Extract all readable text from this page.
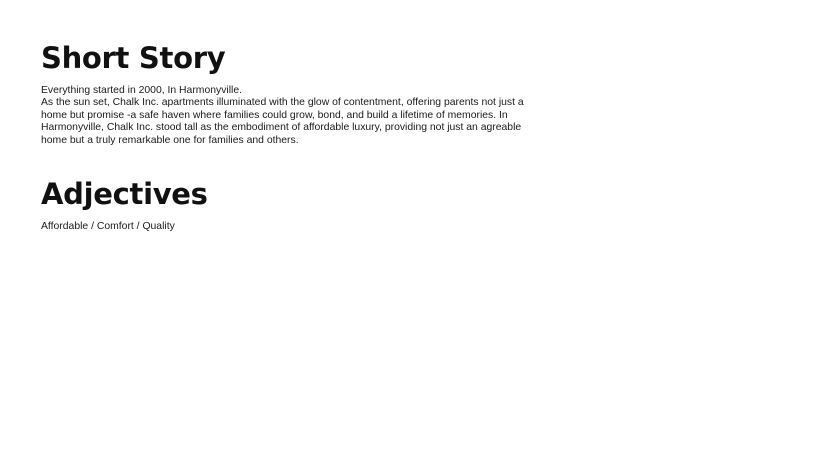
Short Story

Everything started in 2000, In Harmonyville.

As the sun set, Chalk Inc. apartments illuminated with the glow of contentment, offering parents not just a home but promise -a safe haven where families could grow, bond, and build a lifetime of memories. In Harmonyville, Chalk Inc. stood tall as the embodiment of affordable luxury, providing not just an agreable home but a truly remarkable one for families and others.

Adjectives
Affordable / Comfort / Quality
